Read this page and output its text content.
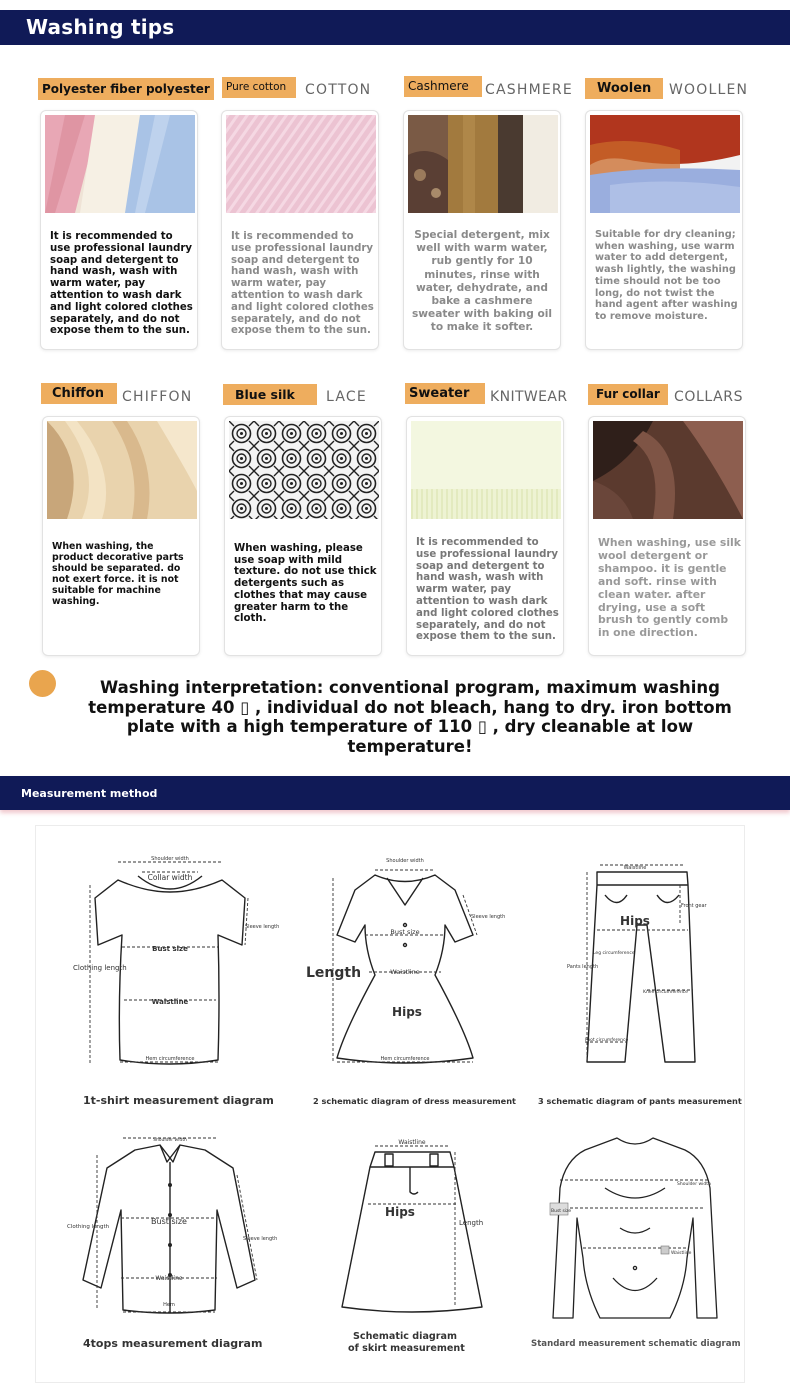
Washing tips
Polyester fiber polyester	Pure cotton	COTTON	Cashmere	CASHMERE	Woolen	WOOLLEN
It is recommended to use professional laundry soap and detergent to hand wash, wash with warm water, pay attention to wash dark and light colored clothes separately, and do not expose them to the sun.
It is recommended to use professional laundry soap and detergent to hand wash, wash with warm water, pay attention to wash dark and light colored clothes separately, and do not expose them to the sun.
Special detergent, mix well with warm water, rub gently for 10 minutes, rinse with water, dehydrate, and bake a cashmere sweater with baking oil to make it softer.
Suitable for dry cleaning; when washing, use warm water to add detergent, wash lightly, the washing time should not be too long, do not twist the hand agent after washing to remove moisture.
Chiffon	CHIFFON	Blue silk	LACE	Sweater	KNITWEAR	Fur collar	COLLARS
When washing, the product decorative parts should be separated. do not exert force. it is not suitable for machine washing.
When washing, please use soap with mild texture. do not use thick detergents such as clothes that may cause greater harm to the cloth.
It is recommended to use professional laundry soap and detergent to hand wash, wash with warm water, pay attention to wash dark and light colored clothes separately, and do not expose them to the sun.
When washing, use silk wool detergent or shampoo. it is gentle and soft. rinse with clean water. after drying, use a soft brush to gently comb in one direction.
Washing interpretation: conventional program, maximum washing temperature 40 ▯ , individual do not bleach, hang to dry. iron bottom plate with a high temperature of 110 ▯ , dry cleanable at low temperature!
Measurement method
Shoulder width
Collar width
Sleeve length
Bust size
Clothing length
Waistline
Hem circumference
1t-shirt measurement diagram
Shoulder width
Sleeve length
Bust size
Length	Waistline
Hips
Hem circumference
2 schematic diagram of dress measurement
Waistline
Hips
Front gear
Leg circumference
Pants length
Knee circumference
Foot circumference
3 schematic diagram of pants measurement
Shoulder width
Clothing length
Bust size
Sleeve length
Waistline
Hem
4tops measurement diagram
Waistline
Hips
Length
Schematic diagram
of skirt measurement
Shoulder width
Bust size
Waistline
Standard measurement schematic diagram
